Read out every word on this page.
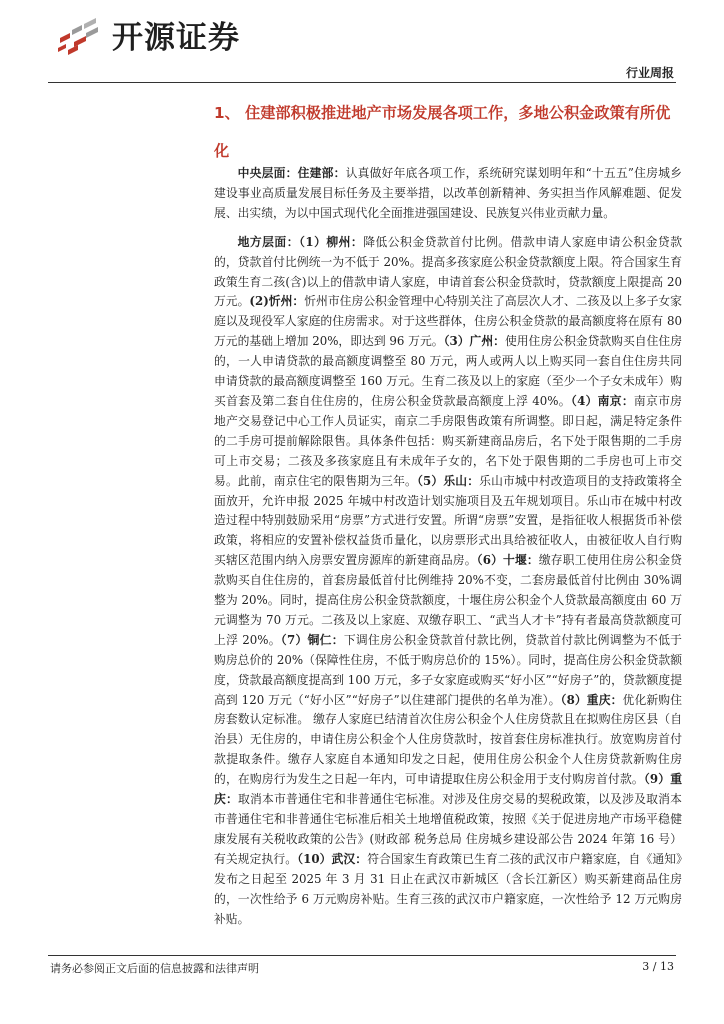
开源证券
行业周报
1、 住建部积极推进地产市场发展各项工作，多地公积金政策有所优化

中央层面：住建部：认真做好年底各项工作，系统研究谋划明年和“十五五”住房城乡建设事业高质量发展目标任务及主要举措，以改革创新精神、务实担当作风解难题、促发展、出实绩，为以中国式现代化全面推进强国建设、民族复兴伟业贡献力量。

地方层面：（1）柳州：降低公积金贷款首付比例。借款申请人家庭申请公积金贷款的，贷款首付比例统一为不低于 20%。提高多孩家庭公积金贷款额度上限。符合国家生育政策生育二孩(含)以上的借款申请人家庭，申请首套公积金贷款时，贷款额度上限提高 20 万元。(2)忻州：忻州市住房公积金管理中心特别关注了高层次人才、二孩及以上多子女家庭以及现役军人家庭的住房需求。对于这些群体，住房公积金贷款的最高额度将在原有 80 万元的基础上增加 20%，即达到 96 万元。（3）广州：使用住房公积金贷款购买自住住房的，一人申请贷款的最高额度调整至 80 万元，两人或两人以上购买同一套自住住房共同申请贷款的最高额度调整至 160 万元。生育二孩及以上的家庭（至少一个子女未成年）购买首套及第二套自住住房的，住房公积金贷款最高额度上浮 40%。（4）南京：南京市房地产交易登记中心工作人员证实，南京二手房限售政策有所调整。即日起，满足特定条件的二手房可提前解除限售。具体条件包括：购买新建商品房后，名下处于限售期的二手房可上市交易；二孩及多孩家庭且有未成年子女的，名下处于限售期的二手房也可上市交易。此前，南京住宅的限售期为三年。（5）乐山：乐山市城中村改造项目的支持政策将全面放开，允许申报 2025 年城中村改造计划实施项目及五年规划项目。乐山市在城中村改造过程中特别鼓励采用“房票”方式进行安置。所谓“房票”安置，是指征收人根据货币补偿政策，将相应的安置补偿权益货币量化，以房票形式出具给被征收人，由被征收人自行购买辖区范围内纳入房票安置房源库的新建商品房。（6）十堰：缴存职工使用住房公积金贷款购买自住住房的，首套房最低首付比例维持 20%不变，二套房最低首付比例由 30%调整为 20%。同时，提高住房公积金贷款额度，十堰住房公积金个人贷款最高额度由 60 万元调整为 70 万元。二孩及以上家庭、双缴存职工、“武当人才卡”持有者最高贷款额度可上浮 20%。（7）铜仁：下调住房公积金贷款首付款比例，贷款首付款比例调整为不低于购房总价的 20%（保障性住房，不低于购房总价的 15%）。同时，提高住房公积金贷款额度，贷款最高额度提高到 100 万元，多子女家庭或购买“好小区”“好房子”的，贷款额度提高到 120 万元（“好小区”“好房子”以住建部门提供的名单为准）。（8）重庆：优化新购住房套数认定标准。 缴存人家庭已结清首次住房公积金个人住房贷款且在拟购住房区县（自治县）无住房的，申请住房公积金个人住房贷款时，按首套住房标准执行。放宽购房首付款提取条件。缴存人家庭自本通知印发之日起，使用住房公积金个人住房贷款新购住房的，在购房行为发生之日起一年内，可申请提取住房公积金用于支付购房首付款。（9）重庆：取消本市普通住宅和非普通住宅标准。对涉及住房交易的契税政策，以及涉及取消本市普通住宅和非普通住宅标准后相关土地增值税政策，按照《关于促进房地产市场平稳健康发展有关税收政策的公告》(财政部 税务总局 住房城乡建设部公告 2024 年第 16 号）有关规定执行。（10）武汉：符合国家生育政策已生育二孩的武汉市户籍家庭，自《通知》发布之日起至 2025 年 3 月 31 日止在武汉市新城区（含长江新区）购买新建商品住房的，一次性给予 6 万元购房补贴。生育三孩的武汉市户籍家庭，一次性给予 12 万元购房补贴。

请务必参阅正文后面的信息披露和法律声明	3 / 13
